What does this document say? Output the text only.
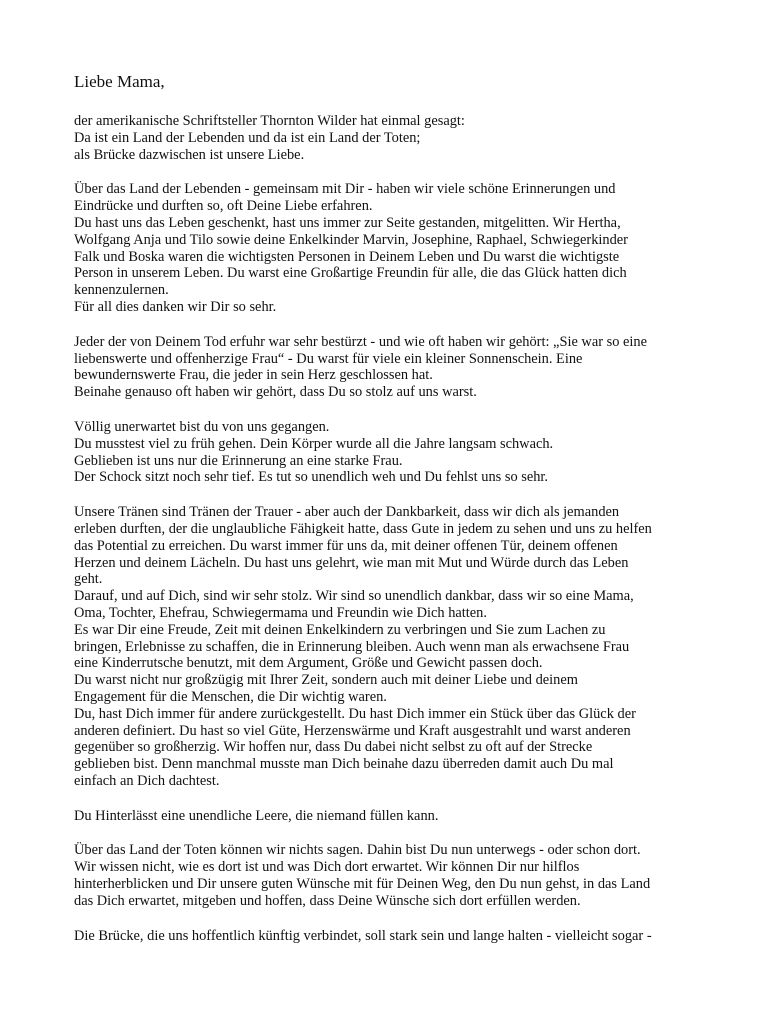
Liebe Mama,
der amerikanische Schriftsteller Thornton Wilder hat einmal gesagt:
Da ist ein Land der Lebenden und da ist ein Land der Toten;
als Brücke dazwischen ist unsere Liebe.
Über das Land der Lebenden - gemeinsam mit Dir - haben wir viele schöne Erinnerungen und
Eindrücke und durften so, oft Deine Liebe erfahren.
Du hast uns das Leben geschenkt, hast uns immer zur Seite gestanden, mitgelitten. Wir Hertha,
Wolfgang Anja und Tilo sowie deine Enkelkinder Marvin, Josephine, Raphael, Schwiegerkinder
Falk und Boska waren die wichtigsten Personen in Deinem Leben und Du warst die wichtigste
Person in unserem Leben. Du warst eine Großartige Freundin für alle, die das Glück hatten dich
kennenzulernen.
Für all dies danken wir Dir so sehr.
Jeder der von Deinem Tod erfuhr war sehr bestürzt - und wie oft haben wir gehört: „Sie war so eine
liebenswerte und offenherzige Frau“ - Du warst für viele ein kleiner Sonnenschein. Eine
bewundernswerte Frau, die jeder in sein Herz geschlossen hat.
Beinahe genauso oft haben wir gehört, dass Du so stolz auf uns warst.
Völlig unerwartet bist du von uns gegangen.
Du musstest viel zu früh gehen. Dein Körper wurde all die Jahre langsam schwach.
Geblieben ist uns nur die Erinnerung an eine starke Frau.
Der Schock sitzt noch sehr tief. Es tut so unendlich weh und Du fehlst uns so sehr.
Unsere Tränen sind Tränen der Trauer - aber auch der Dankbarkeit, dass wir dich als jemanden
erleben durften, der die unglaubliche Fähigkeit hatte, dass Gute in jedem zu sehen und uns zu helfen
das Potential zu erreichen. Du warst immer für uns da, mit deiner offenen Tür, deinem offenen
Herzen und deinem Lächeln. Du hast uns gelehrt, wie man mit Mut und Würde durch das Leben
geht.
Darauf, und auf Dich, sind wir sehr stolz. Wir sind so unendlich dankbar, dass wir so eine Mama,
Oma, Tochter, Ehefrau, Schwiegermama und Freundin wie Dich hatten.
Es war Dir eine Freude, Zeit mit deinen Enkelkindern zu verbringen und Sie zum Lachen zu
bringen, Erlebnisse zu schaffen, die in Erinnerung bleiben. Auch wenn man als erwachsene Frau
eine Kinderrutsche benutzt, mit dem Argument, Größe und Gewicht passen doch.
Du warst nicht nur großzügig mit Ihrer Zeit, sondern auch mit deiner Liebe und deinem
Engagement für die Menschen, die Dir wichtig waren.
Du, hast Dich immer für andere zurückgestellt. Du hast Dich immer ein Stück über das Glück der
anderen definiert. Du hast so viel Güte, Herzenswärme und Kraft ausgestrahlt und warst anderen
gegenüber so großherzig. Wir hoffen nur, dass Du dabei nicht selbst zu oft auf der Strecke
geblieben bist. Denn manchmal musste man Dich beinahe dazu überreden damit auch Du mal
einfach an Dich dachtest.
Du Hinterlässt eine unendliche Leere, die niemand füllen kann.
Über das Land der Toten können wir nichts sagen. Dahin bist Du nun unterwegs - oder schon dort.
Wir wissen nicht, wie es dort ist und was Dich dort erwartet. Wir können Dir nur hilflos
hinterherblicken und Dir unsere guten Wünsche mit für Deinen Weg, den Du nun gehst, in das Land
das Dich erwartet, mitgeben und hoffen, dass Deine Wünsche sich dort erfüllen werden.
Die Brücke, die uns hoffentlich künftig verbindet, soll stark sein und lange halten - vielleicht sogar -
